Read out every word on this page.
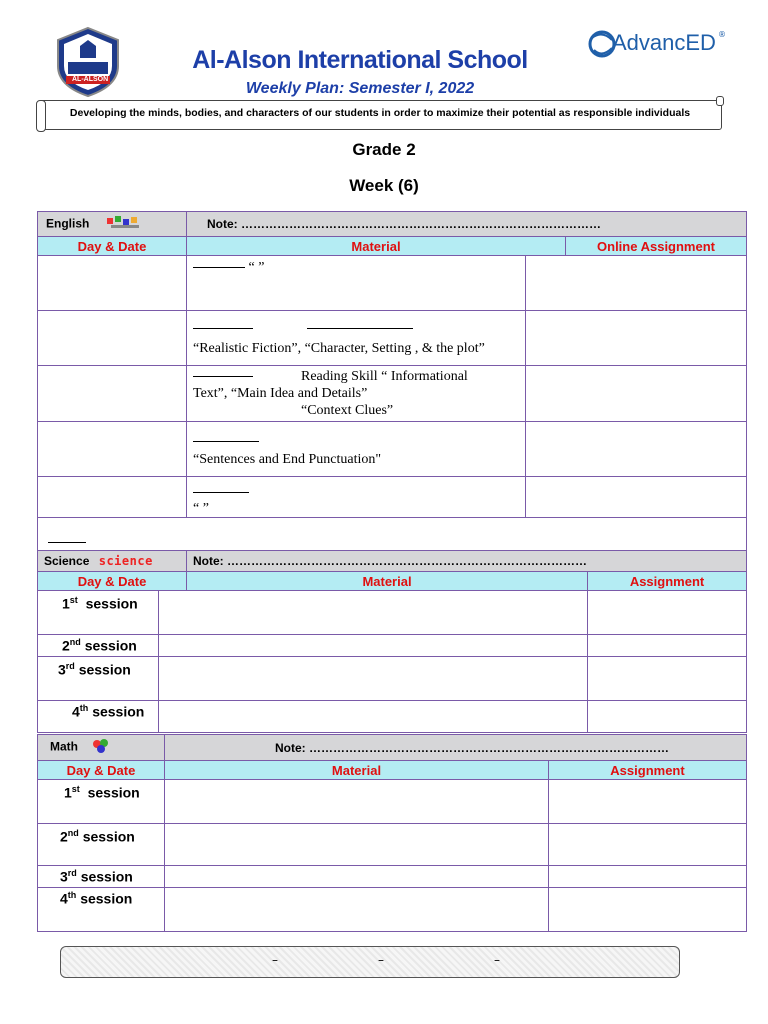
AL-ALSON
Al-Alson International School
Weekly Plan: Semester I, 2022
AdvancED ®
Developing the minds, bodies, and characters of our students in order to maximize their potential as responsible individuals
Grade 2
Week (6)
English	Note: ………………………………………………………………………………		
Day & Date	Material		Online Assignment
	“ ”		

	“Realistic Fiction”, “Character, Setting , & the plot”		

	Reading Skill “ Informational
Text”, “Main Idea and Details”
“Context Clues”		

	“Sentences and End Punctuation"		

	“ ”		

Science science		Note: ………………………………………………………………………………	
Day & Date		Material	Assignment
1st session			
2nd session			
3rd session			
4th session			
Math	Note: ………………………………………………………………………………	
Day & Date	Material	Assignment
1st session		
2nd session		
3rd session		
4th session		
–	–	–
